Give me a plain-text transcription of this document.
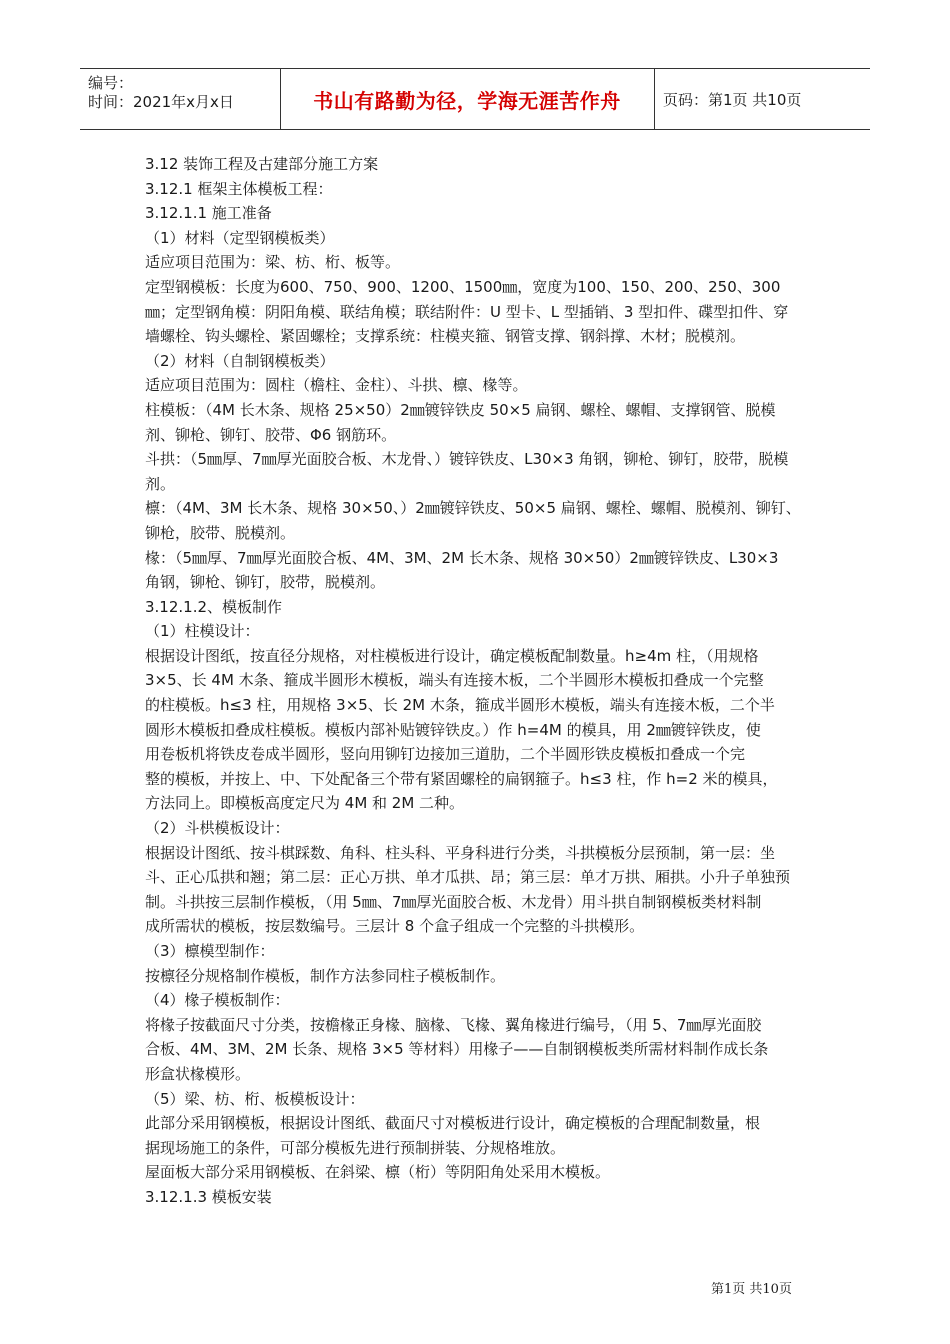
编号：
时间：2021年x月x日	书山有路勤为径，学海无涯苦作舟	页码：第1页 共10页
3.12 装饰工程及古建部分施工方案
3.12.1 框架主体模板工程：
3.12.1.1 施工准备
（1）材料（定型钢模板类）
适应项目范围为：梁、枋、桁、板等。
定型钢模板：长度为600、750、900、1200、1500㎜，宽度为100、150、200、250、300
㎜；定型钢角模：阴阳角模、联结角模；联结附件：U 型卡、L 型插销、3 型扣件、碟型扣件、穿
墙螺栓、钩头螺栓、紧固螺栓；支撑系统：柱模夹箍、钢管支撑、钢斜撑、木材；脱模剂。
（2）材料（自制钢模板类）
适应项目范围为：圆柱（檐柱、金柱）、斗拱、檩、椽等。
柱模板：（4M 长木条、规格 25×50）2㎜镀锌铁皮 50×5 扁钢、螺栓、螺帽、支撑钢管、脱模
剂、铆枪、铆钉、胶带、Φ6 钢筋环。
斗拱：（5㎜厚、7㎜厚光面胶合板、木龙骨、）镀锌铁皮、L30×3 角钢，铆枪、铆钉，胶带，脱模
剂。
檩：（4M、3M 长木条、规格 30×50、）2㎜镀锌铁皮、50×5 扁钢、螺栓、螺帽、脱模剂、铆钉、
铆枪，胶带、脱模剂。
椽：（5㎜厚、7㎜厚光面胶合板、4M、3M、2M 长木条、规格 30×50）2㎜镀锌铁皮、L30×3
角钢，铆枪、铆钉，胶带，脱模剂。
3.12.1.2、模板制作
（1）柱模设计：
根据设计图纸，按直径分规格，对柱模板进行设计，确定模板配制数量。h≥4m 柱，（用规格
3×5、长 4M 木条、箍成半圆形木模板，端头有连接木板，二个半圆形木模板扣叠成一个完整
的柱模板。h≤3 柱，用规格 3×5、长 2M 木条，箍成半圆形木模板，端头有连接木板，二个半
圆形木模板扣叠成柱模板。模板内部补贴镀锌铁皮。）作 h=4M 的模具，用 2㎜镀锌铁皮，使
用卷板机将铁皮卷成半圆形，竖向用铆钉边接加三道肋，二个半圆形铁皮模板扣叠成一个完
整的模板，并按上、中、下处配备三个带有紧固螺栓的扁钢箍子。h≤3 柱，作 h=2 米的模具，
方法同上。即模板高度定尺为 4M 和 2M 二种。
（2）斗栱模板设计：
根据设计图纸、按斗棋踩数、角科、柱头科、平身科进行分类，斗拱模板分层预制，第一层：坐
斗、正心瓜拱和翘；第二层：正心万拱、单才瓜拱、昂；第三层：单才万拱、厢拱。小升子单独预
制。斗拱按三层制作模板，（用 5㎜、7㎜厚光面胶合板、木龙骨）用斗拱自制钢模板类材料制
成所需状的模板，按层数编号。三层计 8 个盒子组成一个完整的斗拱模形。
（3）檩模型制作：
按檩径分规格制作模板，制作方法参同柱子模板制作。
（4）椽子模板制作：
将椽子按截面尺寸分类，按檐椽正身椽、脑椽、飞椽、翼角椽进行编号，（用 5、7㎜厚光面胶
合板、4M、3M、2M 长条、规格 3×5 等材料）用椽子——自制钢模板类所需材料制作成长条
形盒状椽模形。
（5）梁、枋、桁、板模板设计：
此部分采用钢模板，根据设计图纸、截面尺寸对模板进行设计，确定模板的合理配制数量，根
据现场施工的条件，可部分模板先进行预制拼装、分规格堆放。
屋面板大部分采用钢模板、在斜梁、檩（桁）等阴阳角处采用木模板。
3.12.1.3 模板安装
第1页 共10页
